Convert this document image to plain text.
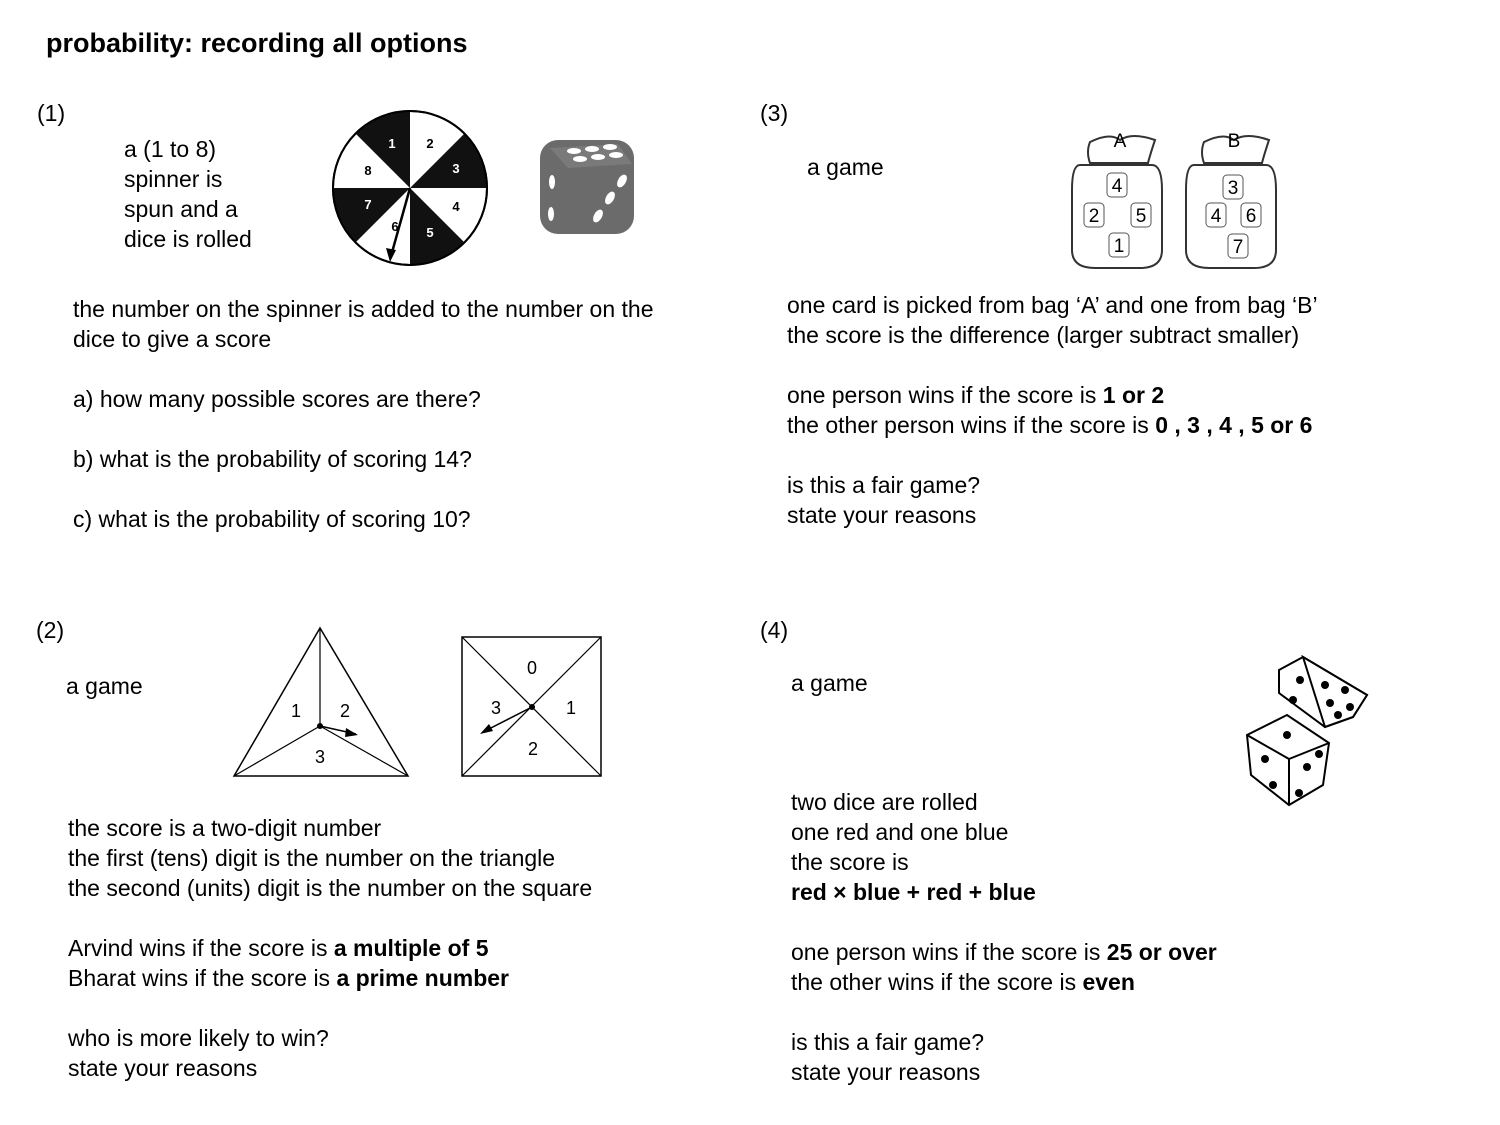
probability: recording all options
(1)
a (1 to 8)
spinner is
spun and a
dice is rolled
1 2
3
4
5
6
7
8
the number on the spinner is added to the number on the
dice to give a score
a) how many possible scores are there?
b) what is the probability of scoring 14?
c) what is the probability of scoring 10?
(2)
a game
1 2
3
0
1
2
3
the score is a two-digit number
the first (tens) digit is the number on the triangle
the second (units) digit is the number on the square
Arvind wins if the score is a multiple of 5
Bharat wins if the score is a prime number
who is more likely to win?
state your reasons
(3)
a game
A	B
4
2 5
1
3
4 6
7
one card is picked from bag ‘A’ and one from bag ‘B’
the score is the difference (larger subtract smaller)
one person wins if the score is 1 or 2
the other person wins if the score is 0 , 3 , 4 , 5 or 6
is this a fair game?
state your reasons
(4)
a game
two dice are rolled
one red and one blue
the score is
red × blue + red + blue
one person wins if the score is 25 or over
the other wins if the score is even
is this a fair game?
state your reasons
